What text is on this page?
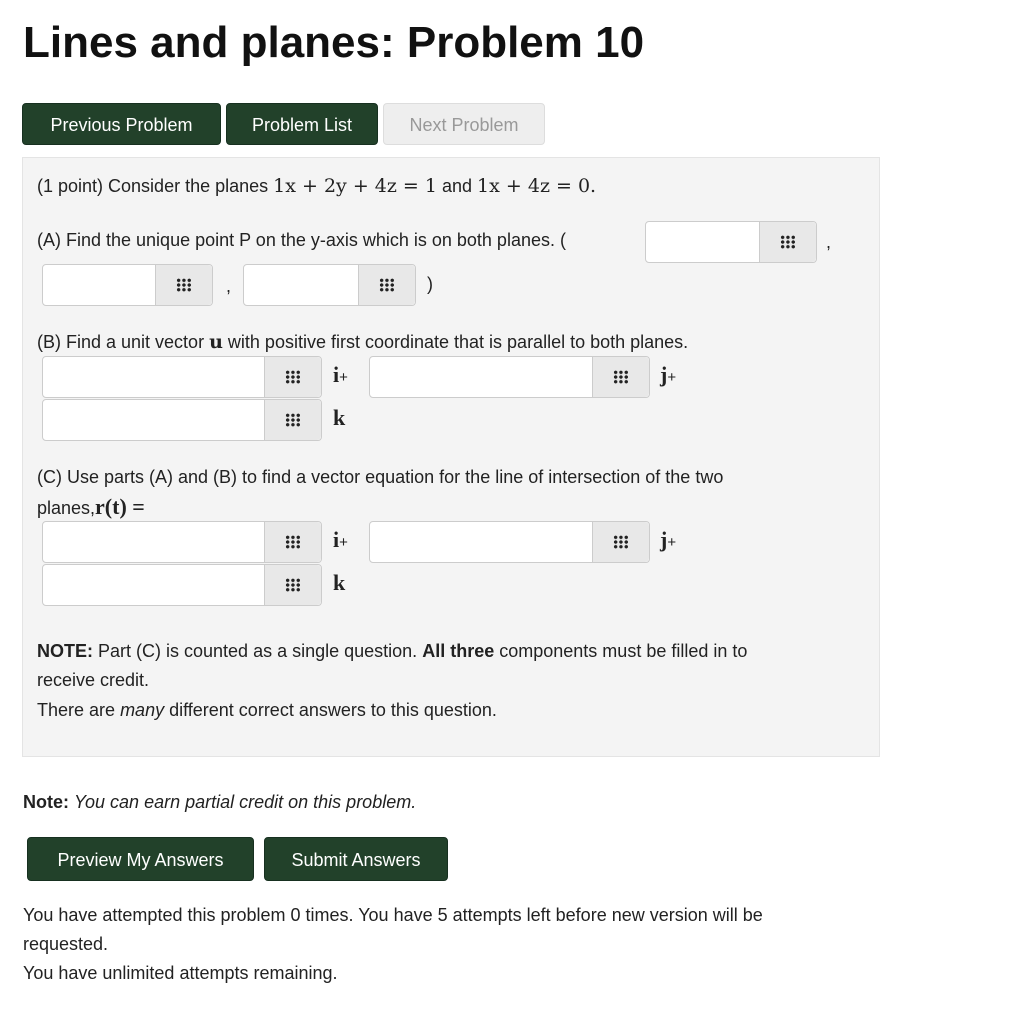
Lines and planes: Problem 10
Previous Problem	Problem List	Next Problem
(1 point) Consider the planes 1x + 2y + 4z = 1 and 1x + 4z = 0.
(A) Find the unique point P on the y-axis which is on both planes. (	,
,	)
(B) Find a unit vector u with positive first coordinate that is parallel to both planes.
i+	j+
k
(C) Use parts (A) and (B) to find a vector equation for the line of intersection of the two
planes,r(t) =
i+	j+
k
NOTE: Part (C) is counted as a single question. All three components must be filled in to
receive credit.
There are many different correct answers to this question.
Note: You can earn partial credit on this problem.
Preview My Answers	Submit Answers
You have attempted this problem 0 times. You have 5 attempts left before new version will be
requested.
You have unlimited attempts remaining.
